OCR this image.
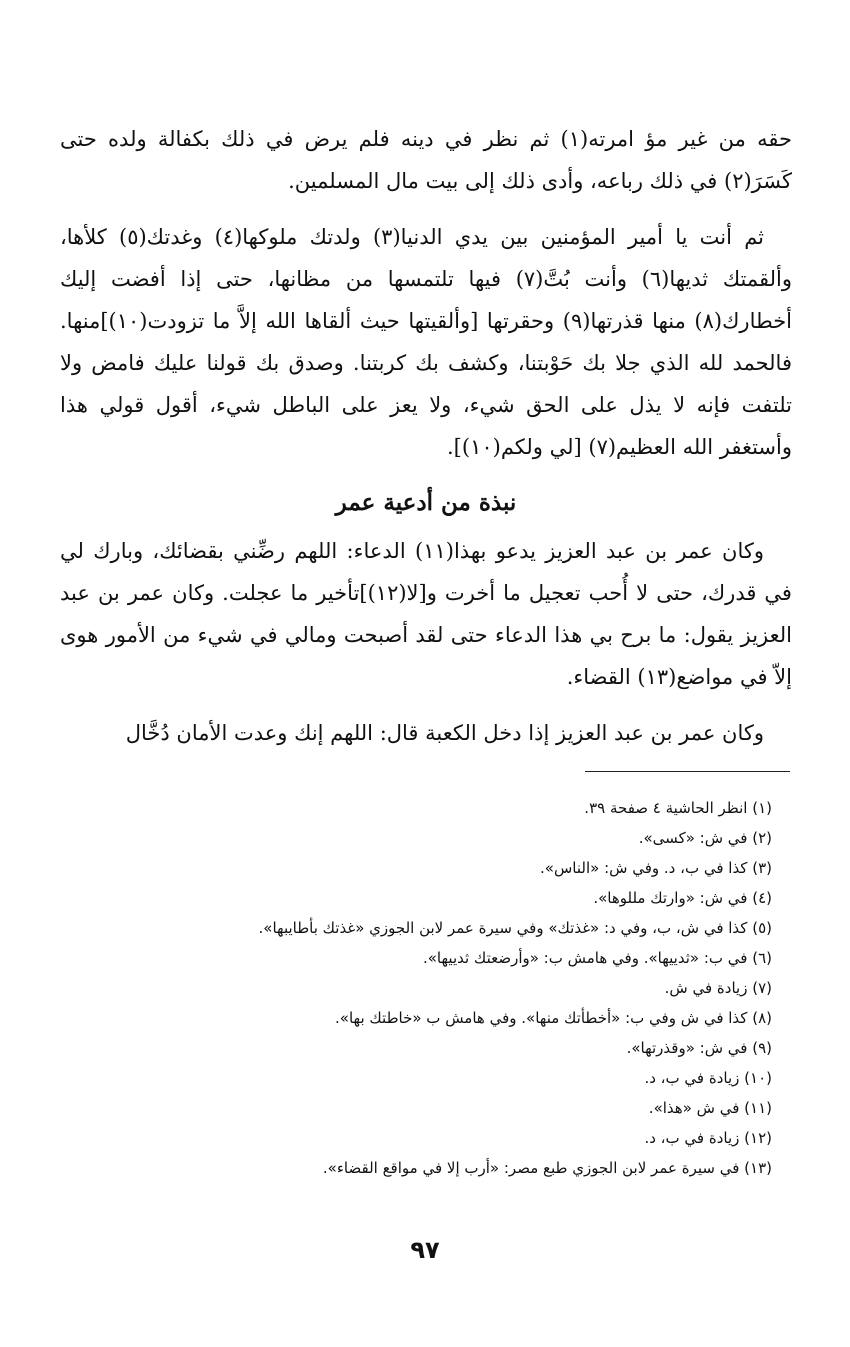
حقه من غير مؤ امرته(١) ثم نظر في دينه فلم يرض في ذلك بكفالة ولده حتى كَسَرَ(٢) في ذلك رباعه، وأدى ذلك إلى بيت مال المسلمين.

ثم أنت يا أمير المؤمنين بين يدي الدنيا(٣) ولدتك ملوكها(٤) وغدتك(٥) كلأها، وألقمتك ثديها(٦) وأنت بُتَّ(٧) فيها تلتمسها من مظانها، حتى إذا أفضت إليك أخطارك(٨) منها قذرتها(٩) وحقرتها [وألقيتها حيث ألقاها الله إلاَّ ما تزودت(١٠)]منها. فالحمد لله الذي جلا بك حَوْبتنا، وكشف بك كربتنا. وصدق بك قولنا عليك فامض ولا تلتفت فإنه لا يذل على الحق شيء، ولا يعز على الباطل شيء، أقول قولي هذا وأستغفر الله العظيم(٧) [لي ولكم(١٠)].

نبذة من أدعية عمر

وكان عمر بن عبد العزيز يدعو بهذا(١١) الدعاء: اللهم رضِّني بقضائك، وبارك لي في قدرك، حتى لا أُحب تعجيل ما أخرت و[لا(١٢)]تأخير ما عجلت. وكان عمر بن عبد العزيز يقول: ما برح بي هذا الدعاء حتى لقد أصبحت ومالي في شيء من الأمور هوى إلاّ في مواضع(١٣) القضاء.

وكان عمر بن عبد العزيز إذا دخل الكعبة قال: اللهم إنك وعدت الأمان دُخَّال

(١) انظر الحاشية ٤ صفحة ٣٩.

(٢) في ش: «كسى».

(٣) كذا في ب، د. وفي ش: «الناس».

(٤) في ش: «وارتك مللوها».

(٥) كذا في ش، ب، وفي د: «غذتك» وفي سيرة عمر لابن الجوزي «غذتك بأطايبها».

(٦) في ب: «ثدييها». وفي هامش ب: «وأرضعتك ثدييها».

(٧) زيادة في ش.

(٨) كذا في ش وفي ب: «أخطأتك منها». وفي هامش ب «خاطتك بها».

(٩) في ش: «وقذرتها».

(١٠) زيادة في ب، د.

(١١) في ش «هذا».

(١٢) زيادة في ب، د.

(١٣) في سيرة عمر لابن الجوزي طبع مصر: «أرب إلا في مواقع القضاء».

٩٧
